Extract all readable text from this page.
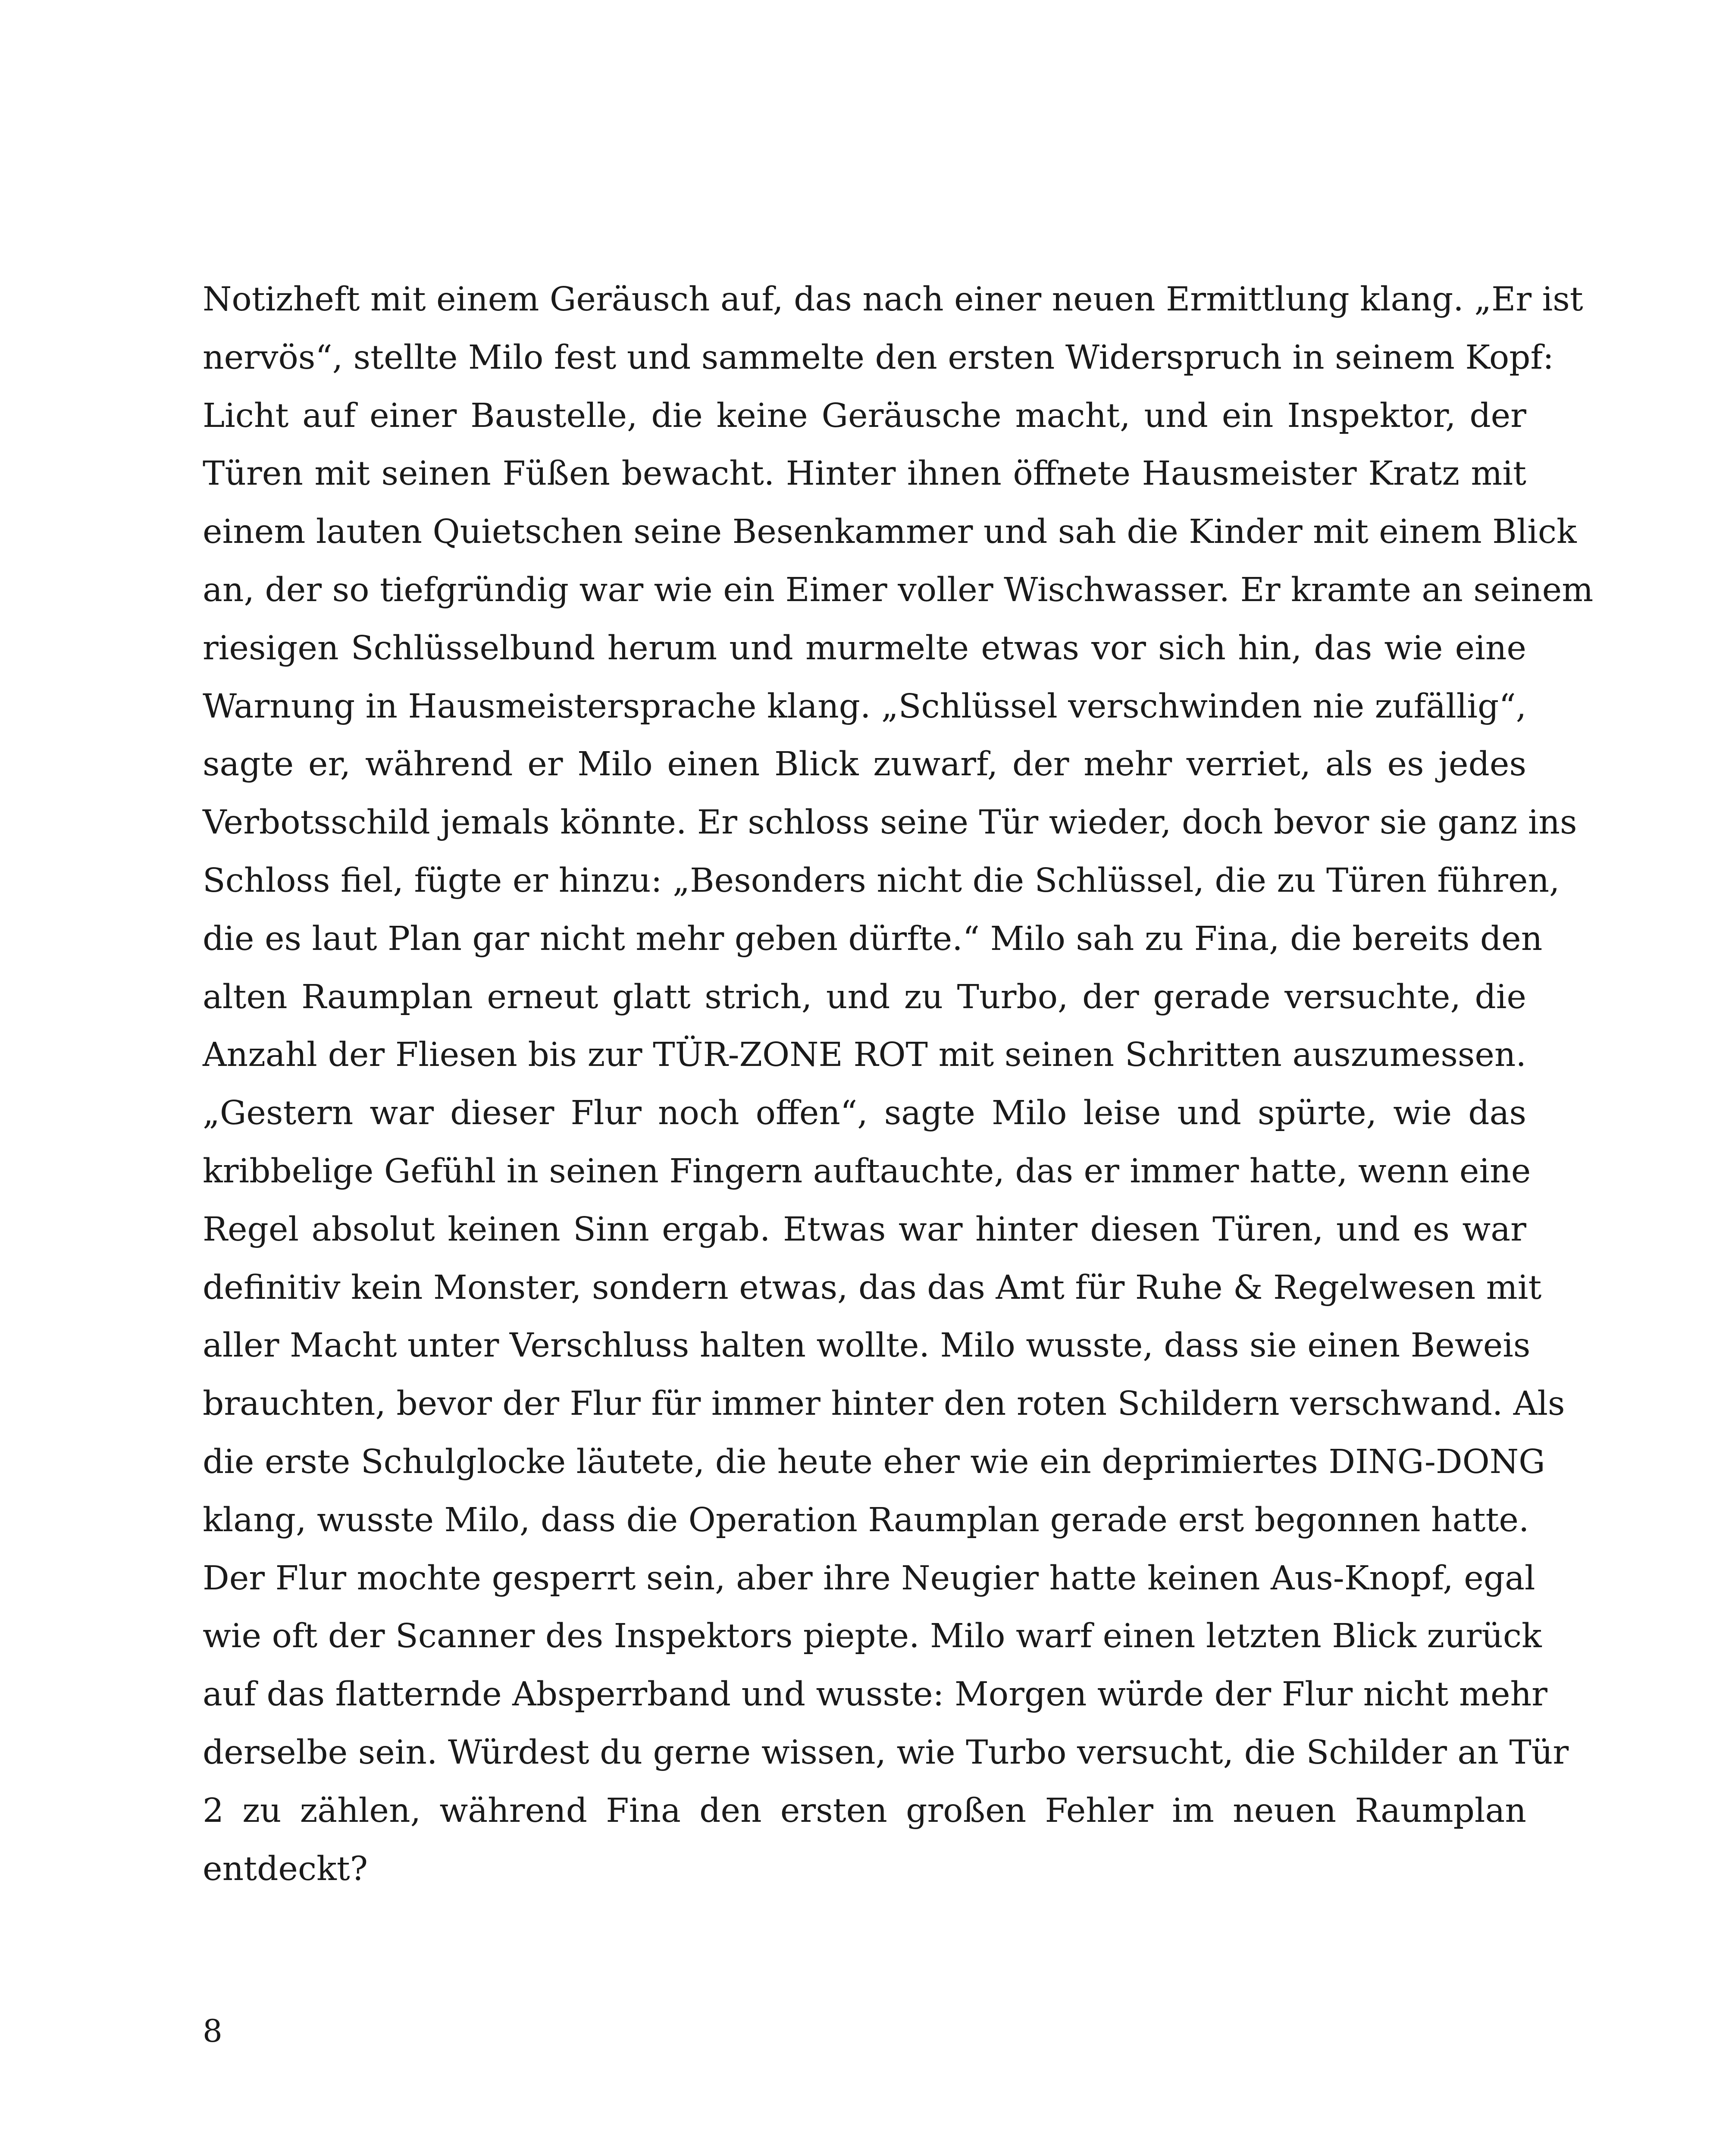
Notizheft mit einem Geräusch auf, das nach einer neuen Ermittlung klang. „Er ist
nervös“, stellte Milo fest und sammelte den ersten Widerspruch in seinem Kopf:
Licht auf einer Baustelle, die keine Geräusche macht, und ein Inspektor, der
Türen mit seinen Füßen bewacht. Hinter ihnen öffnete Hausmeister Kratz mit
einem lauten Quietschen seine Besenkammer und sah die Kinder mit einem Blick
an, der so tiefgründig war wie ein Eimer voller Wischwasser. Er kramte an seinem
riesigen Schlüsselbund herum und murmelte etwas vor sich hin, das wie eine
Warnung in Hausmeistersprache klang. „Schlüssel verschwinden nie zufällig“,
sagte er, während er Milo einen Blick zuwarf, der mehr verriet, als es jedes
Verbotsschild jemals könnte. Er schloss seine Tür wieder, doch bevor sie ganz ins
Schloss fiel, fügte er hinzu: „Besonders nicht die Schlüssel, die zu Türen führen,
die es laut Plan gar nicht mehr geben dürfte.“ Milo sah zu Fina, die bereits den
alten Raumplan erneut glatt strich, und zu Turbo, der gerade versuchte, die
Anzahl der Fliesen bis zur TÜR-ZONE ROT mit seinen Schritten auszumessen.
„Gestern war dieser Flur noch offen“, sagte Milo leise und spürte, wie das
kribbelige Gefühl in seinen Fingern auftauchte, das er immer hatte, wenn eine
Regel absolut keinen Sinn ergab. Etwas war hinter diesen Türen, und es war
definitiv kein Monster, sondern etwas, das das Amt für Ruhe & Regelwesen mit
aller Macht unter Verschluss halten wollte. Milo wusste, dass sie einen Beweis
brauchten, bevor der Flur für immer hinter den roten Schildern verschwand. Als
die erste Schulglocke läutete, die heute eher wie ein deprimiertes DING-DONG
klang, wusste Milo, dass die Operation Raumplan gerade erst begonnen hatte.
Der Flur mochte gesperrt sein, aber ihre Neugier hatte keinen Aus-Knopf, egal
wie oft der Scanner des Inspektors piepte. Milo warf einen letzten Blick zurück
auf das flatternde Absperrband und wusste: Morgen würde der Flur nicht mehr
derselbe sein. Würdest du gerne wissen, wie Turbo versucht, die Schilder an Tür
2 zu zählen, während Fina den ersten großen Fehler im neuen Raumplan
entdeckt?
8
